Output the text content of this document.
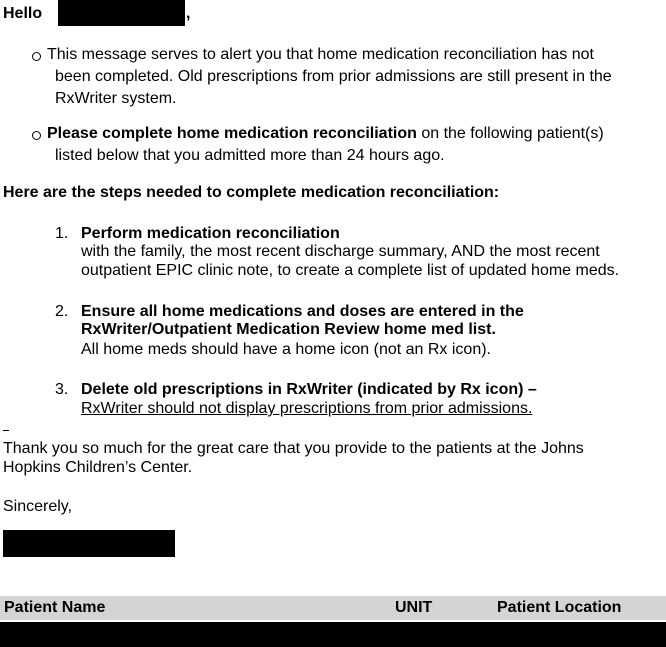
Hello	,
This message serves to alert you that home medication reconciliation has not
been completed. Old prescriptions from prior admissions are still present in the
RxWriter system.
Please complete home medication reconciliation on the following patient(s)
listed below that you admitted more than 24 hours ago.
Here are the steps needed to complete medication reconciliation:
1. Perform medication reconciliation
with the family, the most recent discharge summary, AND the most recent
outpatient EPIC clinic note, to create a complete list of updated home meds.
2. Ensure all home medications and doses are entered in the
RxWriter/Outpatient Medication Review home med list.
All home meds should have a home icon (not an Rx icon).
3. Delete old prescriptions in RxWriter (indicated by Rx icon) –
RxWriter should not display prescriptions from prior admissions.
Thank you so much for the great care that you provide to the patients at the Johns
Hopkins Children’s Center.
Sincerely,
Patient Name	UNIT	Patient Location
